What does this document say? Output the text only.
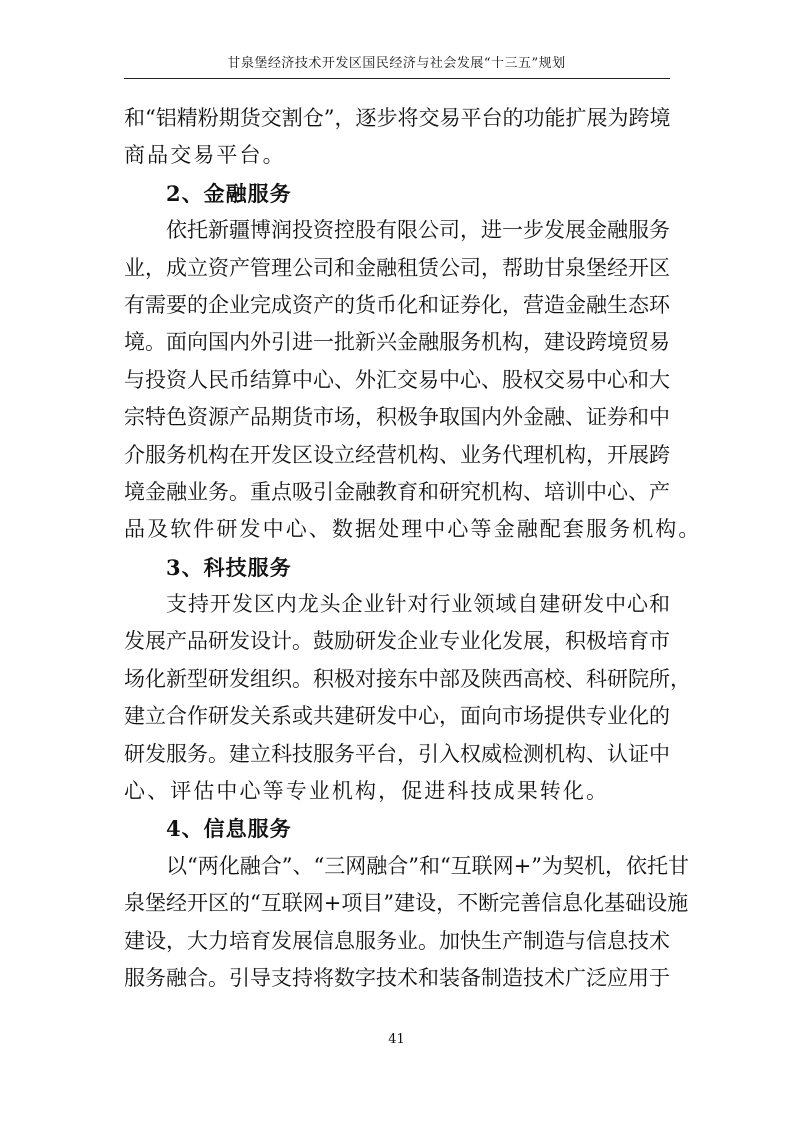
甘泉堡经济技术开发区国民经济与社会发展“十三五”规划
和“铝精粉期货交割仓”，逐步将交易平台的功能扩展为跨境
商品交易平台。
2、金融服务
依托新疆博润投资控股有限公司，进一步发展金融服务
业，成立资产管理公司和金融租赁公司，帮助甘泉堡经开区
有需要的企业完成资产的货币化和证券化，营造金融生态环
境。面向国内外引进一批新兴金融服务机构，建设跨境贸易
与投资人民币结算中心、外汇交易中心、股权交易中心和大
宗特色资源产品期货市场，积极争取国内外金融、证券和中
介服务机构在开发区设立经营机构、业务代理机构，开展跨
境金融业务。重点吸引金融教育和研究机构、培训中心、产
品及软件研发中心、数据处理中心等金融配套服务机构。
3、科技服务
支持开发区内龙头企业针对行业领域自建研发中心和
发展产品研发设计。鼓励研发企业专业化发展，积极培育市
场化新型研发组织。积极对接东中部及陕西高校、科研院所，
建立合作研发关系或共建研发中心，面向市场提供专业化的
研发服务。建立科技服务平台，引入权威检测机构、认证中
心、评估中心等专业机构，促进科技成果转化。
4、信息服务
以“两化融合”、“三网融合”和“互联网+”为契机，依托甘
泉堡经开区的“互联网+项目”建设，不断完善信息化基础设施
建设，大力培育发展信息服务业。加快生产制造与信息技术
服务融合。引导支持将数字技术和装备制造技术广泛应用于
41
